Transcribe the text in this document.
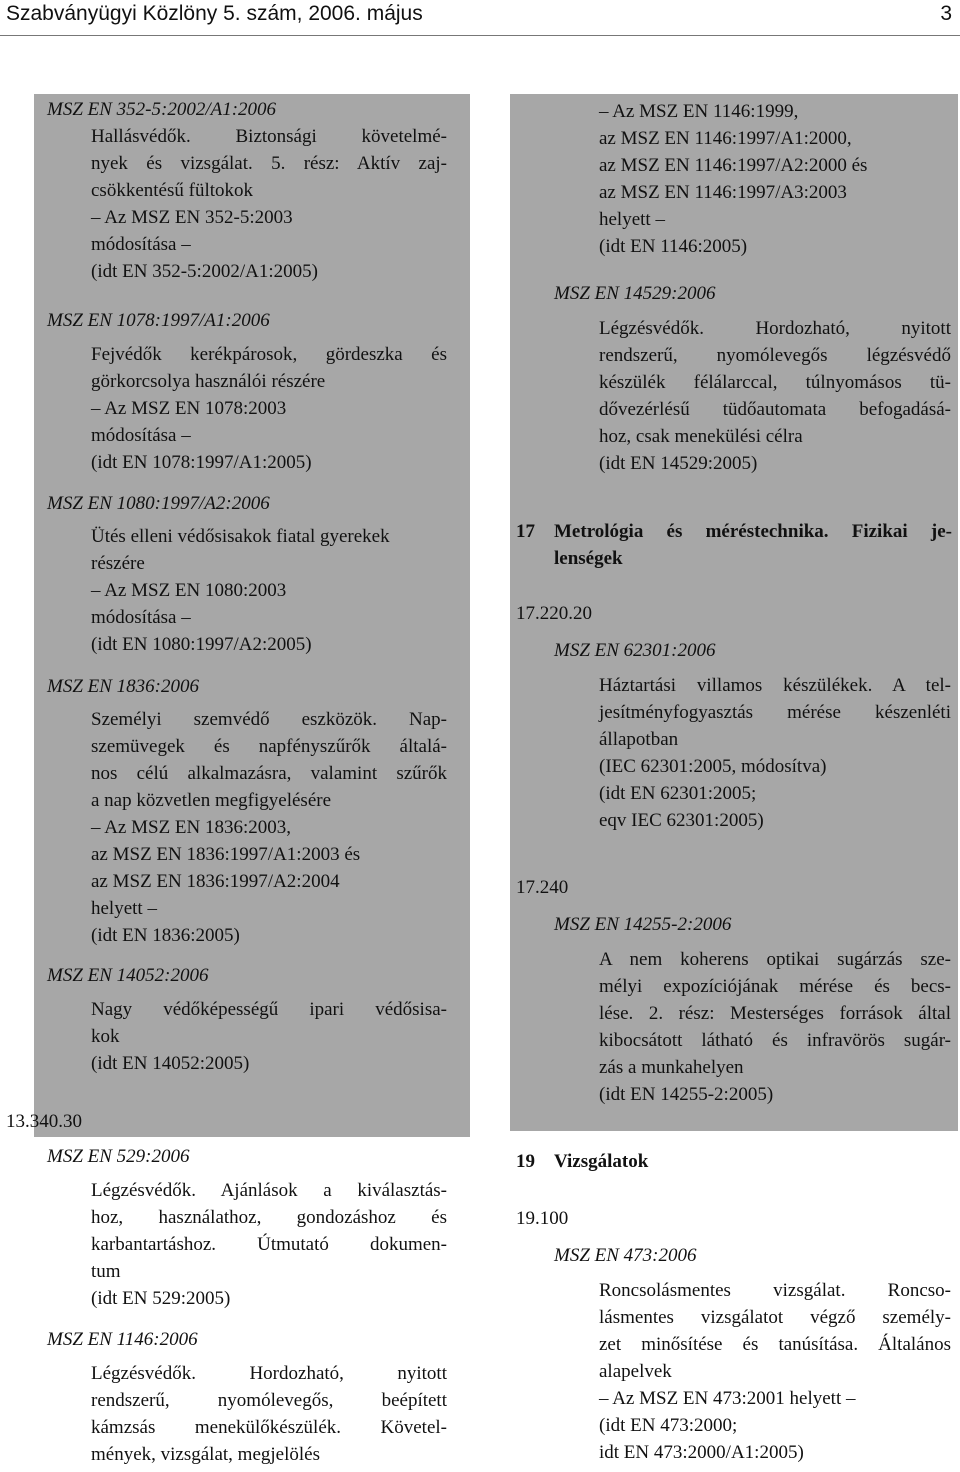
Szabványügyi Közlöny 5. szám, 2006. május	3
MSZ EN 352-5:2002/A1:2006
Hallásvédők. Biztonsági követelmé-
nyek és vizsgálat. 5. rész: Aktív zaj-
csökkentésű fültokok
– Az MSZ EN 352-5:2003
módosítása –
(idt EN 352-5:2002/A1:2005)
MSZ EN 1078:1997/A1:2006
Fejvédők kerékpárosok, gördeszka és
görkorcsolya használói részére
– Az MSZ EN 1078:2003
módosítása –
(idt EN 1078:1997/A1:2005)
MSZ EN 1080:1997/A2:2006
Ütés elleni védősisakok fiatal gyerekek
részére
– Az MSZ EN 1080:2003
módosítása –
(idt EN 1080:1997/A2:2005)
MSZ EN 1836:2006
Személyi szemvédő eszközök. Nap-
szemüvegek és napfényszűrők általá-
nos célú alkalmazásra, valamint szűrők
a nap közvetlen megfigyelésére
– Az MSZ EN 1836:2003,
az MSZ EN 1836:1997/A1:2003 és
az MSZ EN 1836:1997/A2:2004
helyett –
(idt EN 1836:2005)
MSZ EN 14052:2006
Nagy védőképességű ipari védősisa-
kok
(idt EN 14052:2005)
13.340.30
MSZ EN 529:2006
Légzésvédők. Ajánlások a kiválasztás-
hoz, használathoz, gondozáshoz és
karbantartáshoz. Útmutató dokumen-
tum
(idt EN 529:2005)
MSZ EN 1146:2006
Légzésvédők. Hordozható, nyitott
rendszerű, nyomólevegős, beépített
kámzsás menekülőkészülék. Követel-
mények, vizsgálat, megjelölés
– Az MSZ EN 1146:1999,
az MSZ EN 1146:1997/A1:2000,
az MSZ EN 1146:1997/A2:2000 és
az MSZ EN 1146:1997/A3:2003
helyett –
(idt EN 1146:2005)
MSZ EN 14529:2006
Légzésvédők. Hordozható, nyitott
rendszerű, nyomólevegős légzésvédő
készülék félálarccal, túlnyomásos tü-
dővezérlésű tüdőautomata befogadásá-
hoz, csak menekülési célra
(idt EN 14529:2005)
17 Metrológia és méréstechnika. Fizikai je-
lenségek
17.220.20
MSZ EN 62301:2006
Háztartási villamos készülékek. A tel-
jesítményfogyasztás mérése készenléti
állapotban
(IEC 62301:2005, módosítva)
(idt EN 62301:2005;
eqv IEC 62301:2005)
17.240
MSZ EN 14255-2:2006
A nem koherens optikai sugárzás sze-
mélyi expozíciójának mérése és becs-
lése. 2. rész: Mesterséges források által
kibocsátott látható és infravörös sugár-
zás a munkahelyen
(idt EN 14255-2:2005)
19 Vizsgálatok
19.100
MSZ EN 473:2006
Roncsolásmentes vizsgálat. Roncso-
lásmentes vizsgálatot végző személy-
zet minősítése és tanúsítása. Általános
alapelvek
– Az MSZ EN 473:2001 helyett –
(idt EN 473:2000;
idt EN 473:2000/A1:2005)
